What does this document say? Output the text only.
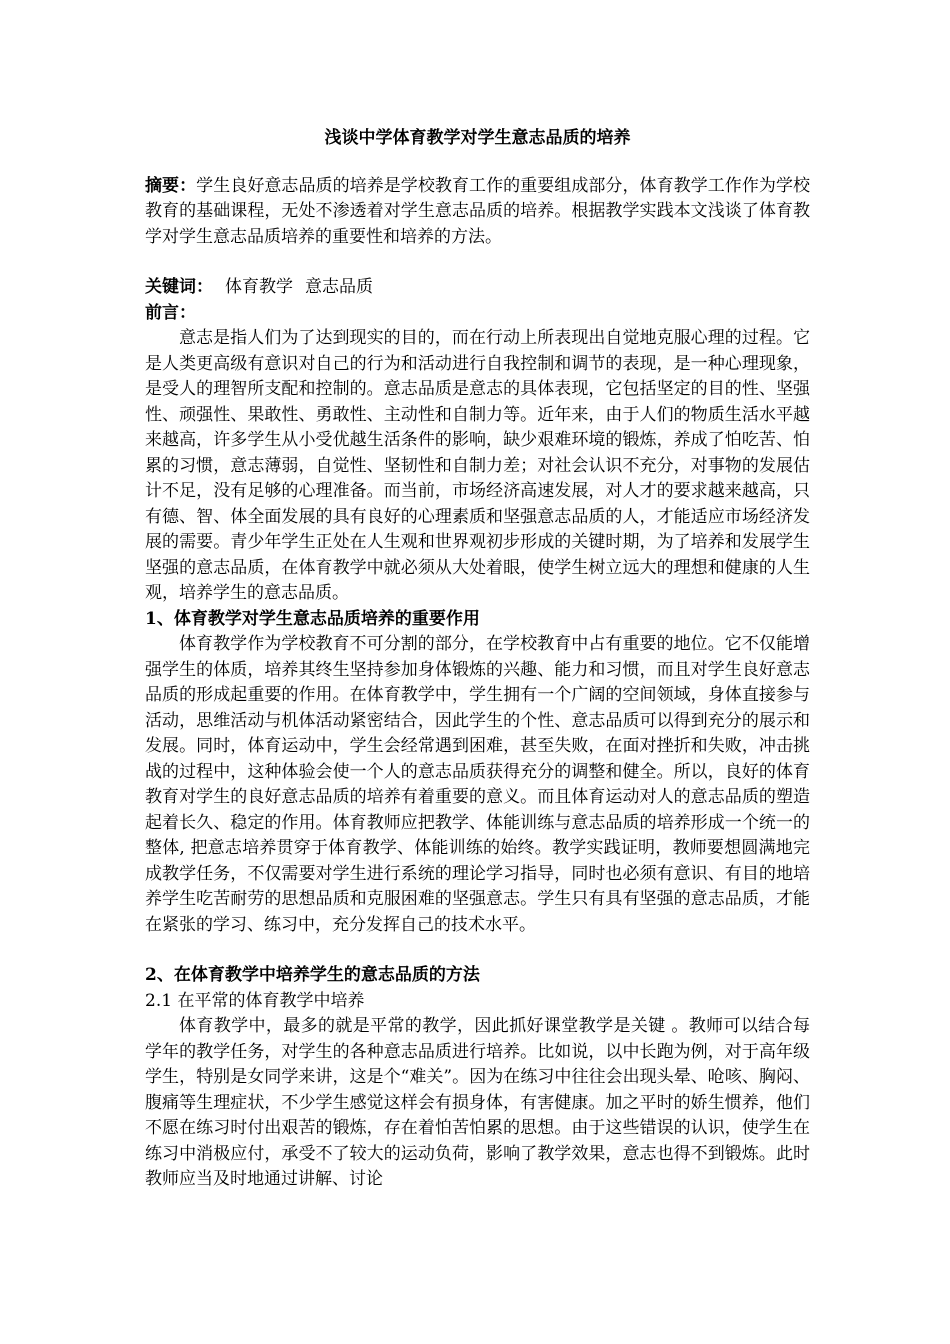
浅谈中学体育教学对学生意志品质的培养

摘要：学生良好意志品质的培养是学校教育工作的重要组成部分，体育教学工作作为学校教育的基础课程，无处不渗透着对学生意志品质的培养。根据教学实践本文浅谈了体育教学对学生意志品质培养的重要性和培养的方法。

关键词： 体育教学 意志品质

前言：

意志是指人们为了达到现实的目的，而在行动上所表现出自觉地克服心理的过程。它是人类更高级有意识对自己的行为和活动进行自我控制和调节的表现，是一种心理现象，是受人的理智所支配和控制的。意志品质是意志的具体表现，它包括坚定的目的性、坚强性、顽强性、果敢性、勇敢性、主动性和自制力等。近年来，由于人们的物质生活水平越来越高，许多学生从小受优越生活条件的影响，缺少艰难环境的锻炼，养成了怕吃苦、怕累的习惯，意志薄弱，自觉性、坚韧性和自制力差；对社会认识不充分，对事物的发展估计不足，没有足够的心理准备。而当前，市场经济高速发展，对人才的要求越来越高，只有德、智、体全面发展的具有良好的心理素质和坚强意志品质的人，才能适应市场经济发展的需要。青少年学生正处在人生观和世界观初步形成的关键时期，为了培养和发展学生坚强的意志品质，在体育教学中就必须从大处着眼，使学生树立远大的理想和健康的人生观，培养学生的意志品质。

1、体育教学对学生意志品质培养的重要作用

体育教学作为学校教育不可分割的部分，在学校教育中占有重要的地位。它不仅能增强学生的体质，培养其终生坚持参加身体锻炼的兴趣、能力和习惯，而且对学生良好意志品质的形成起重要的作用。在体育教学中，学生拥有一个广阔的空间领域，身体直接参与活动，思维活动与机体活动紧密结合，因此学生的个性、意志品质可以得到充分的展示和发展。同时，体育运动中，学生会经常遇到困难，甚至失败，在面对挫折和失败，冲击挑战的过程中，这种体验会使一个人的意志品质获得充分的调整和健全。所以，良好的体育教育对学生的良好意志品质的培养有着重要的意义。而且体育运动对人的意志品质的塑造起着长久、稳定的作用。体育教师应把教学、体能训练与意志品质的培养形成一个统一的整体, 把意志培养贯穿于体育教学、体能训练的始终。教学实践证明，教师要想圆满地完成教学任务，不仅需要对学生进行系统的理论学习指导，同时也必须有意识、有目的地培养学生吃苦耐劳的思想品质和克服困难的坚强意志。学生只有具有坚强的意志品质，才能在紧张的学习、练习中，充分发挥自己的技术水平。

2、在体育教学中培养学生的意志品质的方法

2.1 在平常的体育教学中培养

体育教学中，最多的就是平常的教学，因此抓好课堂教学是关键 。教师可以结合每学年的教学任务，对学生的各种意志品质进行培养。比如说，以中长跑为例，对于高年级学生，特别是女同学来讲，这是个“难关”。因为在练习中往往会出现头晕、呛咳、胸闷、腹痛等生理症状，不少学生感觉这样会有损身体，有害健康。加之平时的娇生惯养，他们不愿在练习时付出艰苦的锻炼，存在着怕苦怕累的思想。由于这些错误的认识，使学生在练习中消极应付，承受不了较大的运动负荷，影响了教学效果，意志也得不到锻炼。此时教师应当及时地通过讲解、讨论
